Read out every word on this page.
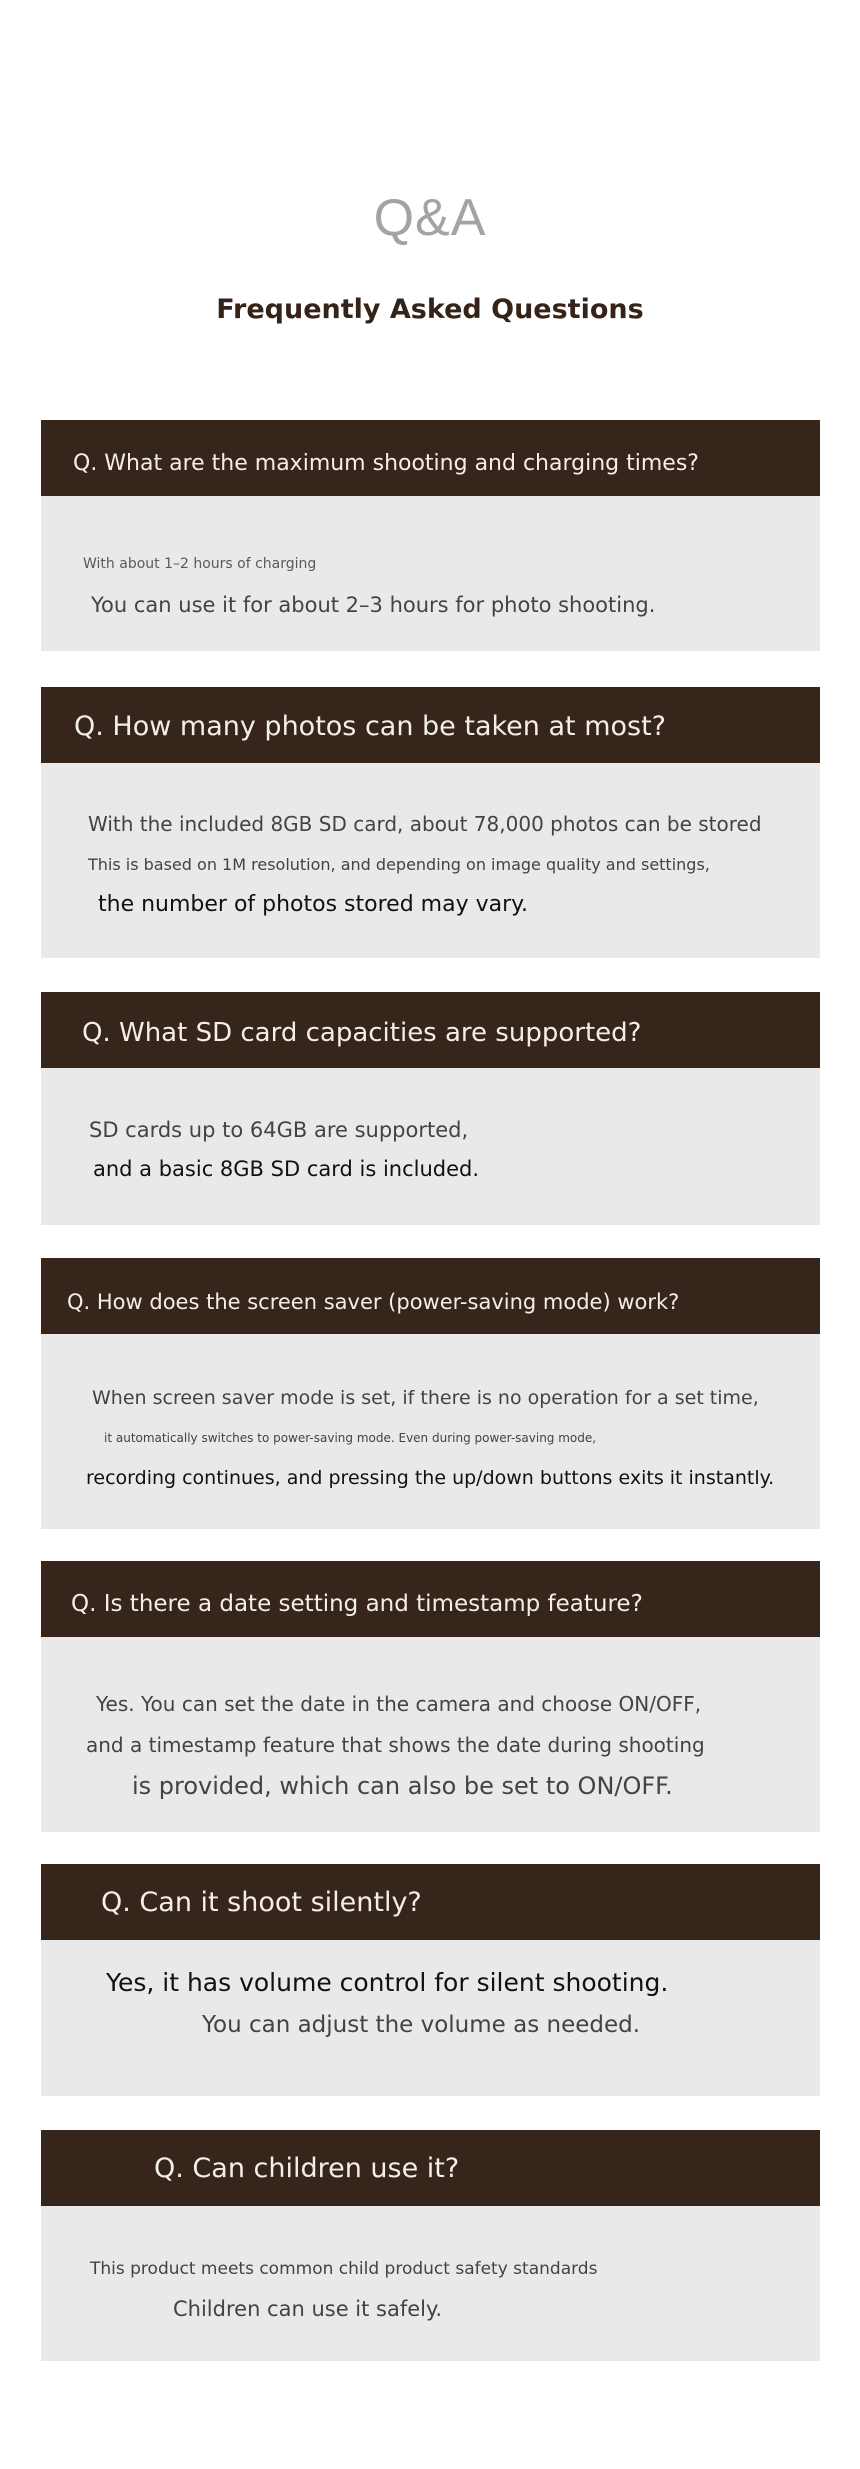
Q&A
Frequently Asked Questions
Q. What are the maximum shooting and charging times?
With about 1–2 hours of charging
You can use it for about 2–3 hours for photo shooting.
Q. How many photos can be taken at most?
With the included 8GB SD card, about 78,000 photos can be stored
This is based on 1M resolution, and depending on image quality and settings,
the number of photos stored may vary.
Q. What SD card capacities are supported?
SD cards up to 64GB are supported,
and a basic 8GB SD card is included.
Q. How does the screen saver (power-saving mode) work?
When screen saver mode is set, if there is no operation for a set time,
it automatically switches to power-saving mode. Even during power-saving mode,
recording continues, and pressing the up/down buttons exits it instantly.
Q. Is there a date setting and timestamp feature?
Yes. You can set the date in the camera and choose ON/OFF,
and a timestamp feature that shows the date during shooting
is provided, which can also be set to ON/OFF.
Q. Can it shoot silently?
Yes, it has volume control for silent shooting.
You can adjust the volume as needed.
Q. Can children use it?
This product meets common child product safety standards
Children can use it safely.
